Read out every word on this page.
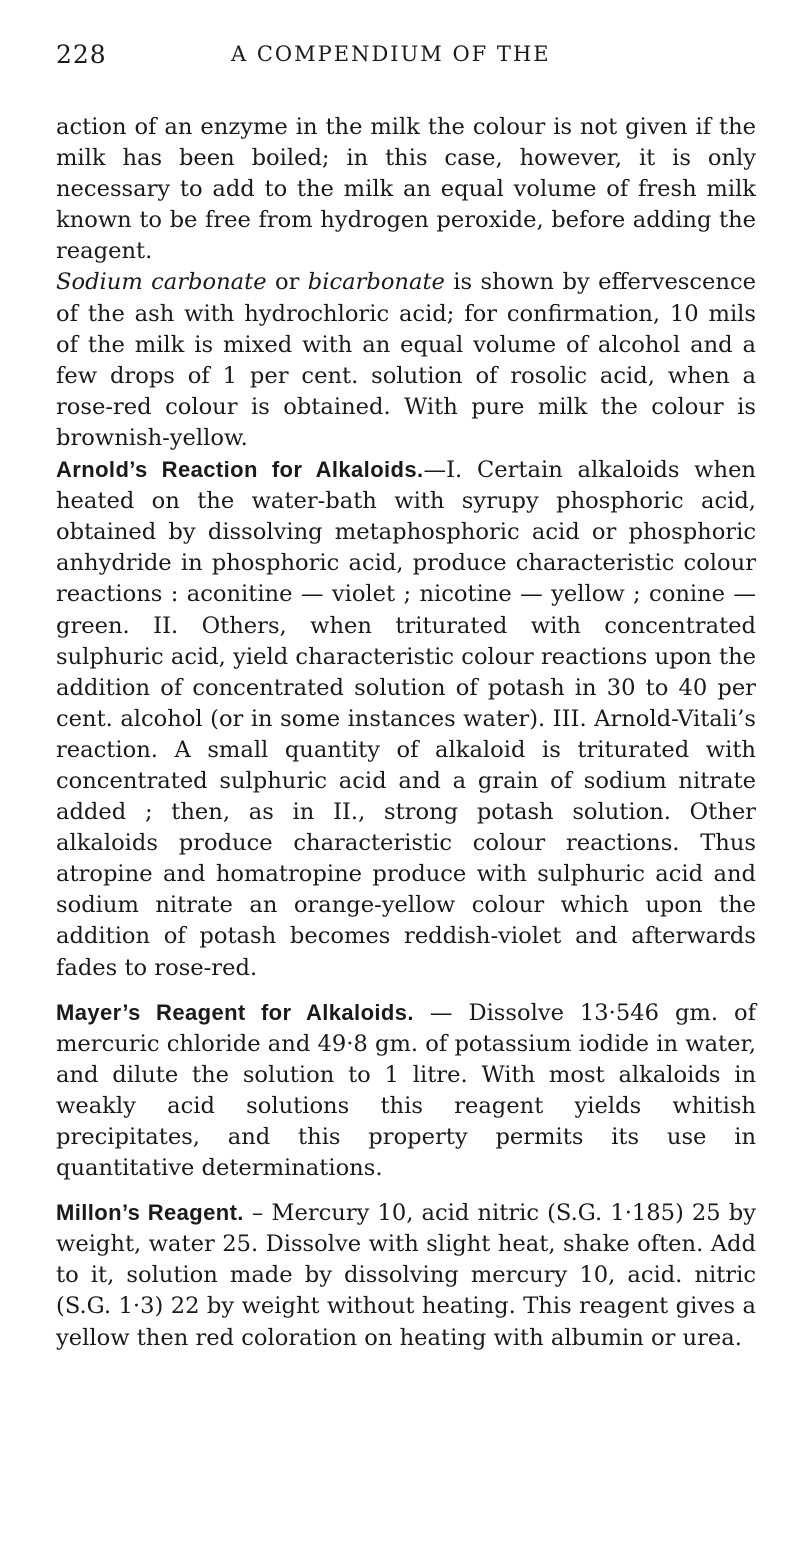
228	A COMPENDIUM OF THE

action of an enzyme in the milk the colour is not given if the milk has been boiled; in this case, however, it is only necessary to add to the milk an equal volume of fresh milk known to be free from hydrogen peroxide, before adding the reagent.

Sodium carbonate or bicarbonate is shown by effervescence of the ash with hydrochloric acid; for confirmation, 10 mils of the milk is mixed with an equal volume of alcohol and a few drops of 1 per cent. solution of rosolic acid, when a rose-red colour is obtained. With pure milk the colour is brownish-yellow.

Arnold’s Reaction for Alkaloids.—I. Certain alkaloids when heated on the water-bath with syrupy phosphoric acid, obtained by dissolving metaphosphoric acid or phosphoric anhydride in phosphoric acid, produce characteristic colour reactions : aconitine — violet ; nicotine — yellow ; conine — green. II. Others, when triturated with concentrated sulphuric acid, yield characteristic colour reactions upon the addition of concentrated solution of potash in 30 to 40 per cent. alcohol (or in some instances water). III. Arnold-Vitali’s reaction. A small quantity of alkaloid is triturated with concentrated sulphuric acid and a grain of sodium nitrate added ; then, as in II., strong potash solution. Other alkaloids produce characteristic colour reactions. Thus atropine and homatropine produce with sulphuric acid and sodium nitrate an orange-yellow colour which upon the addition of potash becomes reddish-violet and afterwards fades to rose-red.

Mayer’s Reagent for Alkaloids. — Dissolve 13·546 gm. of mercuric chloride and 49·8 gm. of potassium iodide in water, and dilute the solution to 1 litre. With most alkaloids in weakly acid solutions this reagent yields whitish precipitates, and this property permits its use in quantitative determinations.

Millon’s Reagent. – Mercury 10, acid nitric (S.G. 1·185) 25 by weight, water 25. Dissolve with slight heat, shake often. Add to it, solution made by dissolving mercury 10, acid. nitric (S.G. 1·3) 22 by weight without heating. This reagent gives a yellow then red coloration on heating with albumin or urea.
